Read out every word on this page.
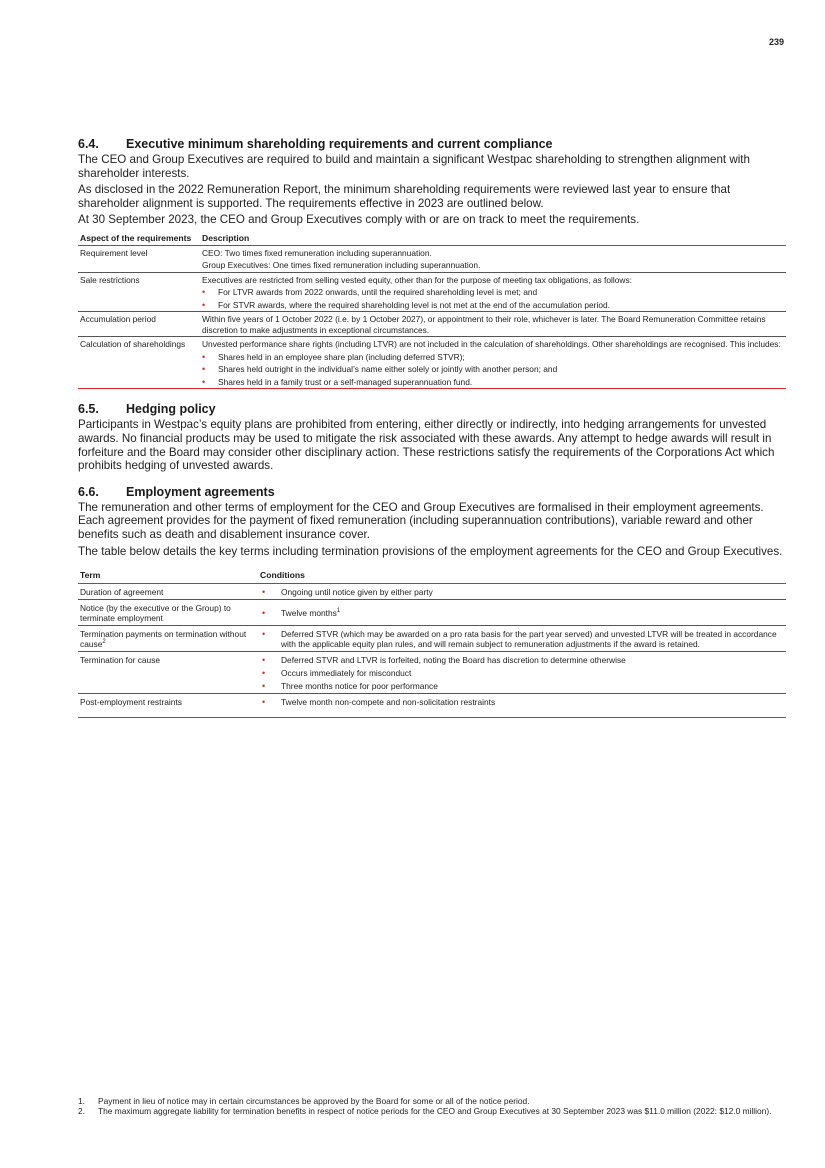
239
6.4. Executive minimum shareholding requirements and current compliance

The CEO and Group Executives are required to build and maintain a significant Westpac shareholding to strengthen alignment with shareholder interests.

As disclosed in the 2022 Remuneration Report, the minimum shareholding requirements were reviewed last year to ensure that shareholder alignment is supported. The requirements effective in 2023 are outlined below.

At 30 September 2023, the CEO and Group Executives comply with or are on track to meet the requirements.

Aspect of the requirements	Description
Requirement level	CEO: Two times fixed remuneration including superannuation.
Group Executives: One times fixed remuneration including superannuation.

Sale restrictions	Executives are restricted from selling vested equity, other than for the purpose of meeting tax obligations, as follows:
• For LTVR awards from 2022 onwards, until the required shareholding level is met; and
• For STVR awards, where the required shareholding level is not met at the end of the accumulation period.

Accumulation period	Within five years of 1 October 2022 (i.e. by 1 October 2027), or appointment to their role, whichever is later. The Board Remuneration Committee retains discretion to make adjustments in exceptional circumstances.

Calculation of shareholdings	Unvested performance share rights (including LTVR) are not included in the calculation of shareholdings. Other shareholdings are recognised. This includes:
• Shares held in an employee share plan (including deferred STVR);
• Shares held outright in the individual’s name either solely or jointly with another person; and
• Shares held in a family trust or a self-managed superannuation fund.
6.5. Hedging policy

Participants in Westpac’s equity plans are prohibited from entering, either directly or indirectly, into hedging arrangements for unvested awards. No financial products may be used to mitigate the risk associated with these awards. Any attempt to hedge awards will result in forfeiture and the Board may consider other disciplinary action. These restrictions satisfy the requirements of the Corporations Act which prohibits hedging of unvested awards.

6.6. Employment agreements

The remuneration and other terms of employment for the CEO and Group Executives are formalised in their employment agreements. Each agreement provides for the payment of fixed remuneration (including superannuation contributions), variable reward and other benefits such as death and disablement insurance cover.

The table below details the key terms including termination provisions of the employment agreements for the CEO and Group Executives.

Term	Conditions
Duration of agreement	• Ongoing until notice given by either party

Notice (by the executive or the Group) to terminate employment	• Twelve months$^1$

Termination payments on termination without cause$^2$	• Deferred STVR (which may be awarded on a pro rata basis for the part year served) and unvested LTVR will be treated in accordance with the applicable equity plan rules, and will remain subject to remuneration adjustments if the award is retained.

Termination for cause	• Deferred STVR and LTVR is forfeited, noting the Board has discretion to determine otherwise
• Occurs immediately for misconduct
• Three months notice for poor performance

Post-employment restraints	• Twelve month non-compete and non-solicitation restraints
1. Payment in lieu of notice may in certain circumstances be approved by the Board for some or all of the notice period.
2. The maximum aggregate liability for termination benefits in respect of notice periods for the CEO and Group Executives at 30 September 2023 was $11.0 million (2022: $12.0 million).
